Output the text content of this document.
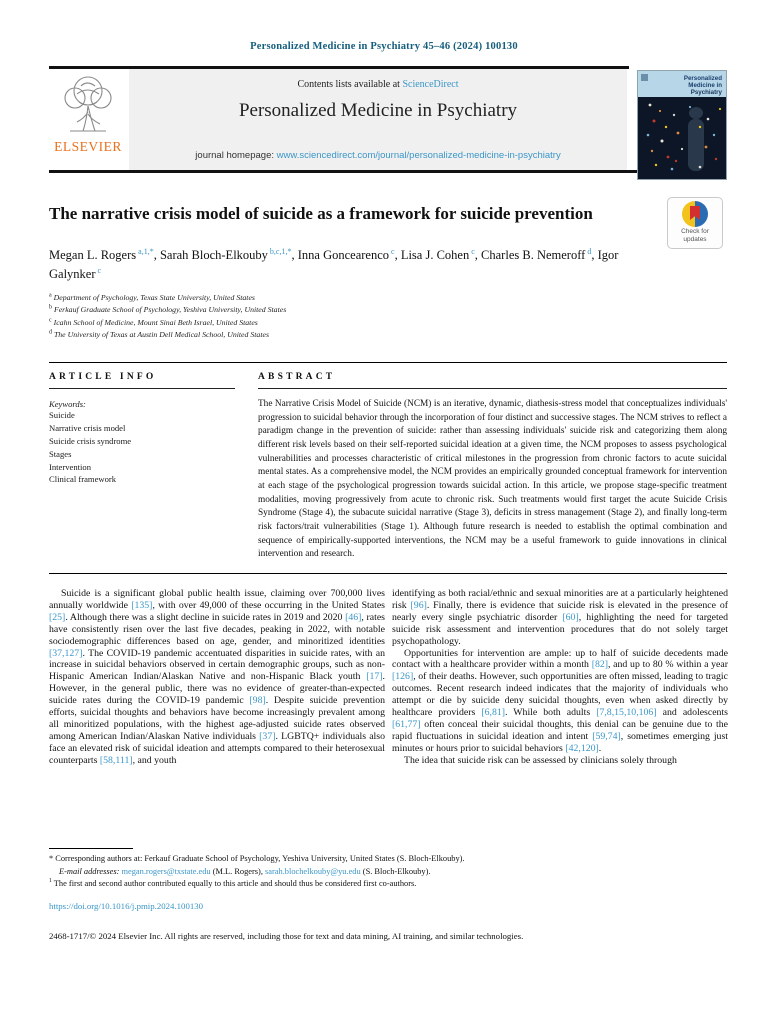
Personalized Medicine in Psychiatry 45–46 (2024) 100130
ELSEVIER
Contents lists available at ScienceDirect
Personalized Medicine in Psychiatry
journal homepage: www.sciencedirect.com/journal/personalized-medicine-in-psychiatry
Personalized
Medicine in
Psychiatry
The narrative crisis model of suicide as a framework for suicide prevention
Check for
updates
Megan L. Rogers $^{a,1,*}$, Sarah Bloch-Elkouby $^{b,c,1,*}$, Inna Goncearenco $^c$, Lisa J. Cohen $^c$, Charles B. Nemeroff $^d$, Igor Galynker $^c$
$^a$ Department of Psychology, Texas State University, United States
$^b$ Ferkauf Graduate School of Psychology, Yeshiva University, United States
$^c$ Icahn School of Medicine, Mount Sinai Beth Israel, United States
$^d$ The University of Texas at Austin Dell Medical School, United States
ARTICLE INFO
Keywords:
Suicide
Narrative crisis model
Suicide crisis syndrome
Stages
Intervention
Clinical framework
ABSTRACT
The Narrative Crisis Model of Suicide (NCM) is an iterative, dynamic, diathesis-stress model that conceptualizes individuals' progression to suicidal behavior through the incorporation of four distinct and successive stages. The NCM strives to reflect a paradigm change in the prevention of suicide: rather than assessing individuals' suicide risk and categorizing them along different risk levels based on their self-reported suicidal ideation at a given time, the NCM proposes to assess psychological vulnerabilities and processes characteristic of critical milestones in the progression from chronic factors to acute suicidal mental states. As a comprehensive model, the NCM provides an empirically grounded conceptual framework for intervention at each stage of the psychological progression towards suicidal action. In this article, we propose stage-specific treatment modalities, moving progressively from acute to chronic risk. Such treatments would first target the acute Suicide Crisis Syndrome (Stage 4), the subacute suicidal narrative (Stage 3), deficits in stress management (Stage 2), and finally long-term risk factors/trait vulnerabilities (Stage 1). Although future research is needed to establish the optimal combination and sequence of empirically-supported interventions, the NCM may be a useful framework to guide innovations in clinical intervention and research.

Suicide is a significant global public health issue, claiming over 700,000 lives annually worldwide [135], with over 49,000 of these occurring in the United States [25]. Although there was a slight decline in suicide rates in 2019 and 2020 [46], rates have consistently risen over the last five decades, peaking in 2022, with notable sociodemographic differences based on age, gender, and minoritized identities [37,127]. The COVID-19 pandemic accentuated disparities in suicide rates, with an increase in suicidal behaviors observed in certain demographic groups, such as non-Hispanic American Indian/Alaskan Native and non-Hispanic Black youth [17]. However, in the general public, there was no evidence of greater-than-expected suicide rates during the COVID-19 pandemic [98]. Despite suicide prevention efforts, suicidal thoughts and behaviors have become increasingly prevalent among all minoritized populations, with the highest age-adjusted suicide rates observed among American Indian/Alaskan Native individuals [37]. LGBTQ+ individuals also face an elevated risk of suicidal ideation and attempts compared to their heterosexual counterparts [58,111], and youth

identifying as both racial/ethnic and sexual minorities are at a particularly heightened risk [96]. Finally, there is evidence that suicide risk is elevated in the presence of nearly every single psychiatric disorder [60], highlighting the need for targeted suicide risk assessment and intervention procedures that do not solely target psychopathology.

Opportunities for intervention are ample: up to half of suicide decedents made contact with a healthcare provider within a month [82], and up to 80 % within a year [126], of their deaths. However, such opportunities are often missed, leading to tragic outcomes. Recent research indeed indicates that the majority of individuals who attempt or die by suicide deny suicidal thoughts, even when asked directly by healthcare providers [6,81]. While both adults [7,8,15,10,106] and adolescents [61,77] often conceal their suicidal thoughts, this denial can be genuine due to the rapid fluctuations in suicidal ideation and intent [59,74], sometimes emerging just minutes or hours prior to suicidal behaviors [42,120].

The idea that suicide risk can be assessed by clinicians solely through

* Corresponding authors at: Ferkauf Graduate School of Psychology, Yeshiva University, United States (S. Bloch-Elkouby).
E-mail addresses: megan.rogers@txstate.edu (M.L. Rogers), sarah.blochelkouby@yu.edu (S. Bloch-Elkouby).
$^1$ The first and second author contributed equally to this article and should thus be considered first co-authors.
https://doi.org/10.1016/j.pmip.2024.100130
2468-1717/© 2024 Elsevier Inc. All rights are reserved, including those for text and data mining, AI training, and similar technologies.
